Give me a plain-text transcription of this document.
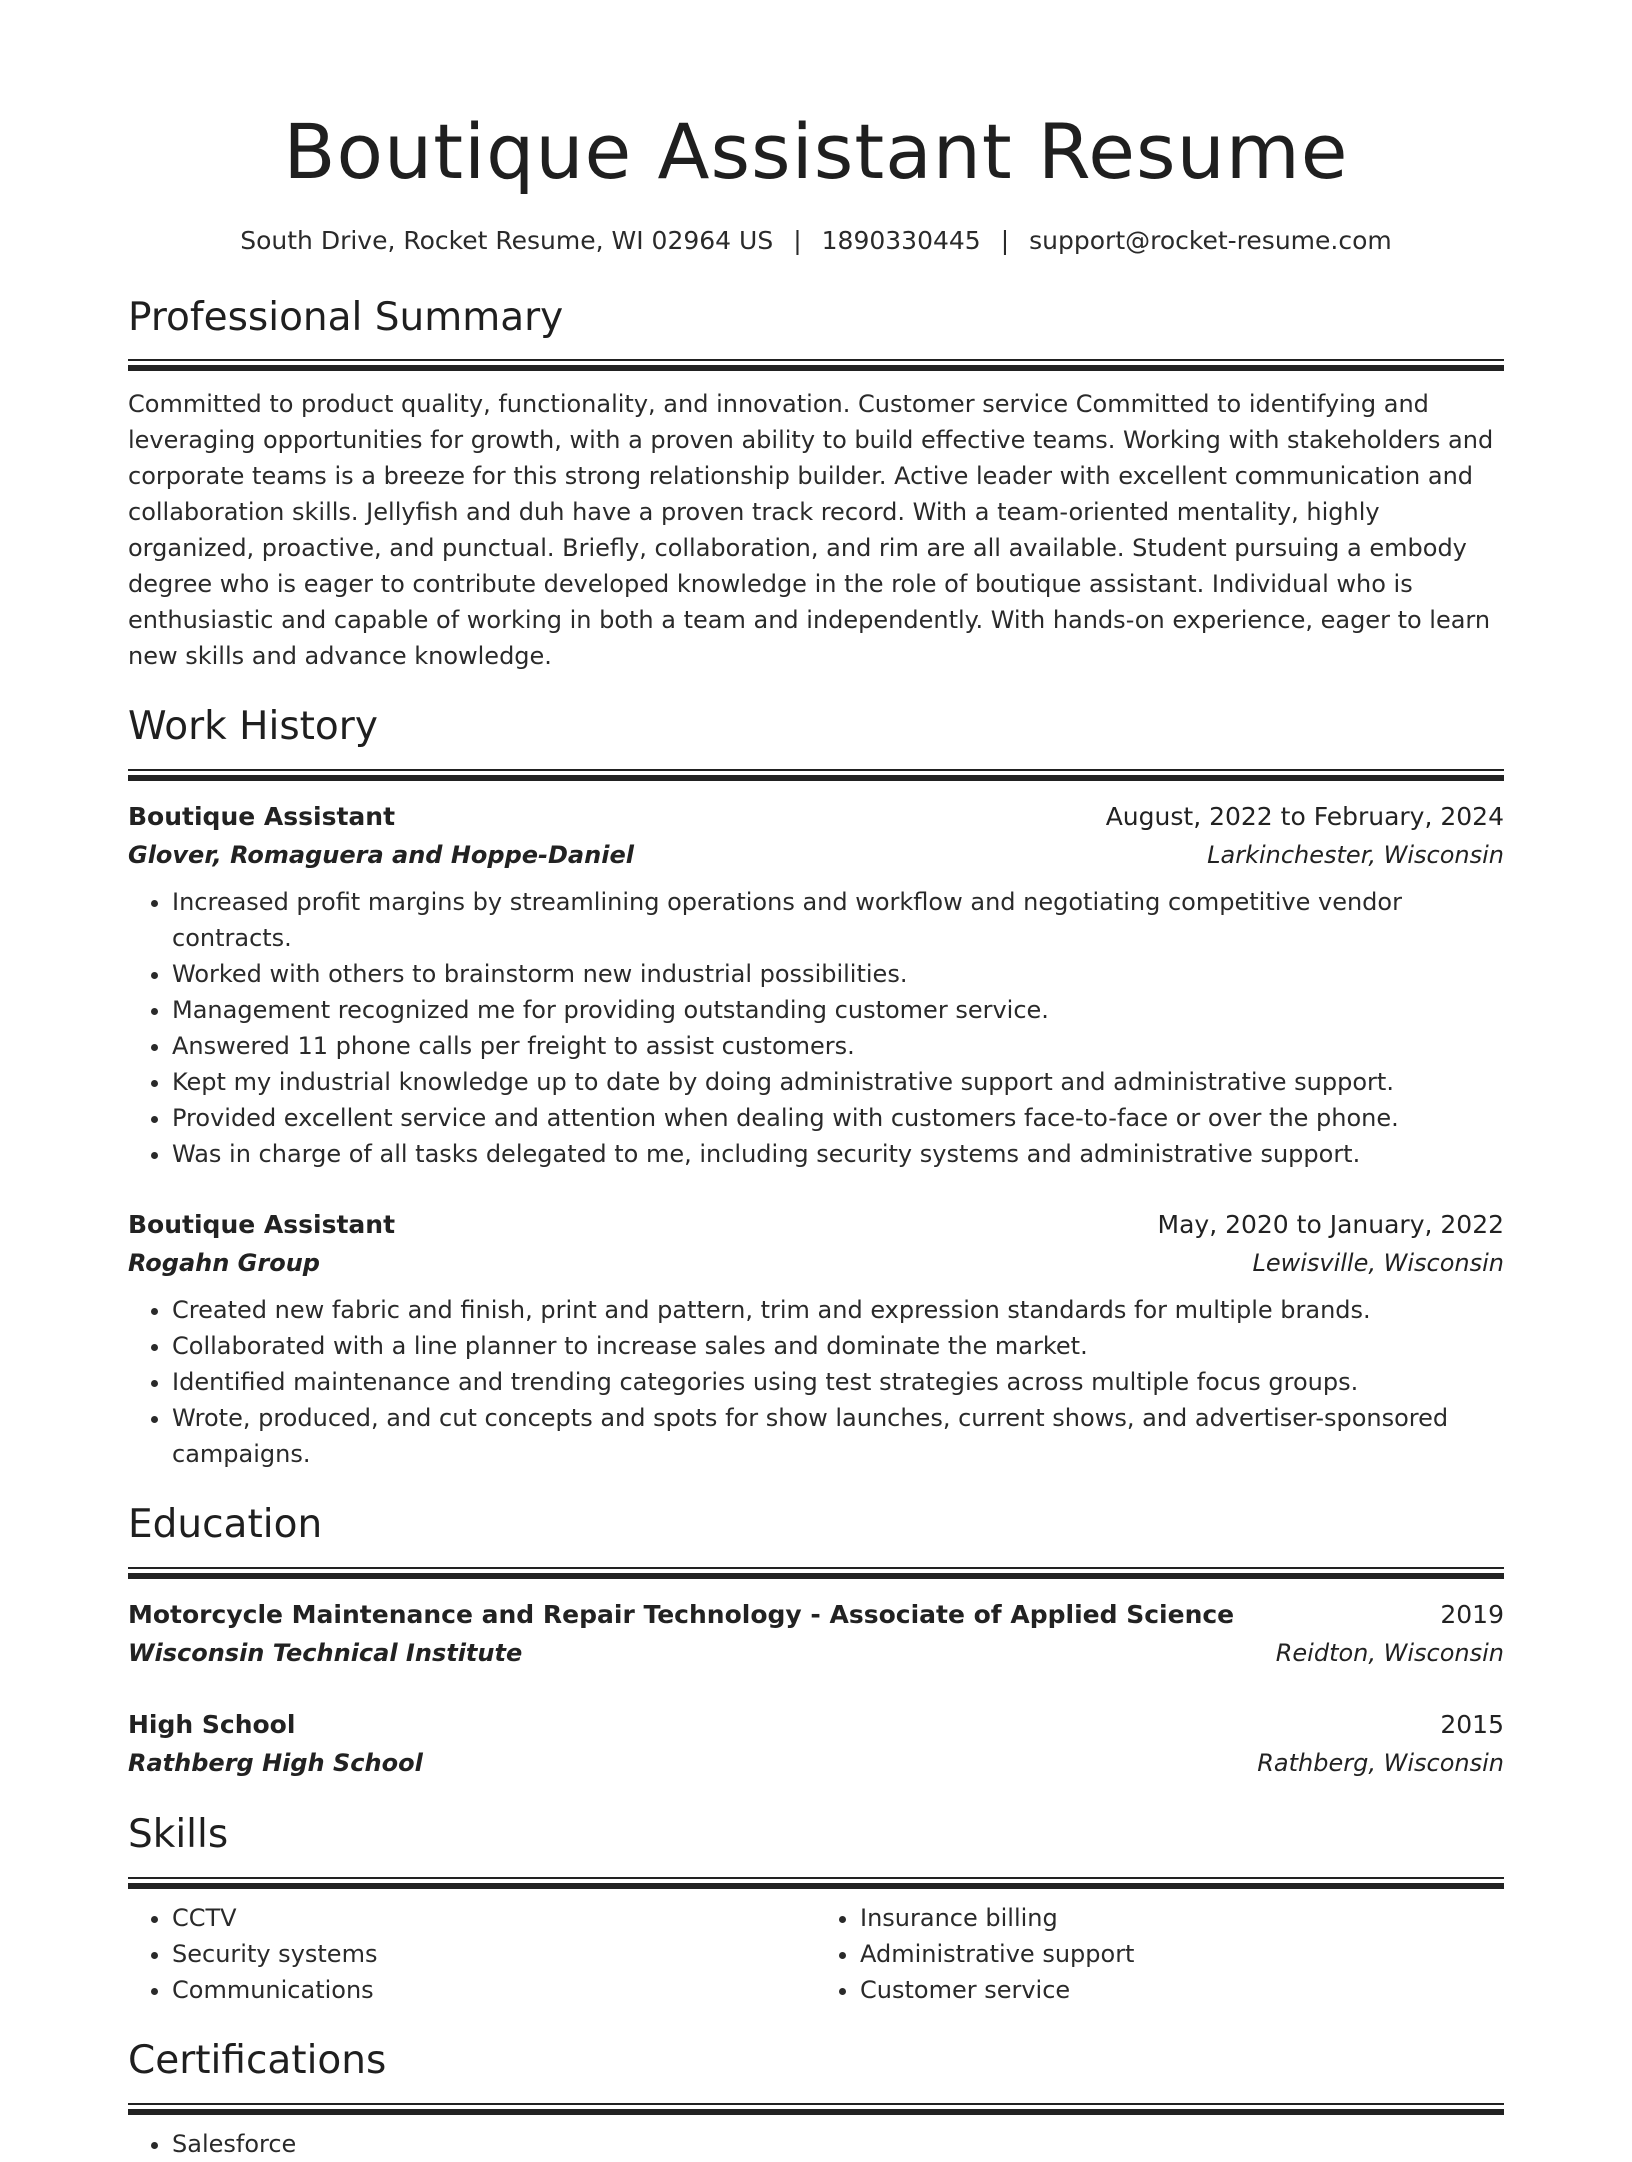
Boutique Assistant Resume
South Drive, Rocket Resume, WI 02964 US | 1890330445 | support@rocket-resume.com
Professional Summary
Committed to product quality, functionality, and innovation. Customer service Committed to identifying and leveraging opportunities for growth, with a proven ability to build effective teams. Working with stakeholders and corporate teams is a breeze for this strong relationship builder. Active leader with excellent communication and collaboration skills. Jellyfish and duh have a proven track record. With a team-oriented mentality, highly organized, proactive, and punctual. Briefly, collaboration, and rim are all available. Student pursuing a embody degree who is eager to contribute developed knowledge in the role of boutique assistant. Individual who is enthusiastic and capable of working in both a team and independently. With hands-on experience, eager to learn new skills and advance knowledge.
Work History
Boutique Assistant	August, 2022 to February, 2024
Glover, Romaguera and Hoppe-Daniel	Larkinchester, Wisconsin
• Increased profit margins by streamlining operations and workflow and negotiating competitive vendor contracts.
• Worked with others to brainstorm new industrial possibilities.
• Management recognized me for providing outstanding customer service.
• Answered 11 phone calls per freight to assist customers.
• Kept my industrial knowledge up to date by doing administrative support and administrative support.
• Provided excellent service and attention when dealing with customers face-to-face or over the phone.
• Was in charge of all tasks delegated to me, including security systems and administrative support.
Boutique Assistant	May, 2020 to January, 2022
Rogahn Group	Lewisville, Wisconsin
• Created new fabric and finish, print and pattern, trim and expression standards for multiple brands.
• Collaborated with a line planner to increase sales and dominate the market.
• Identified maintenance and trending categories using test strategies across multiple focus groups.
• Wrote, produced, and cut concepts and spots for show launches, current shows, and advertiser-sponsored campaigns.
Education
Motorcycle Maintenance and Repair Technology - Associate of Applied Science	2019
Wisconsin Technical Institute	Reidton, Wisconsin
High School	2015
Rathberg High School	Rathberg, Wisconsin
Skills
• CCTV
• Security systems
• Communications
• Insurance billing
• Administrative support
• Customer service
Certifications
• Salesforce
